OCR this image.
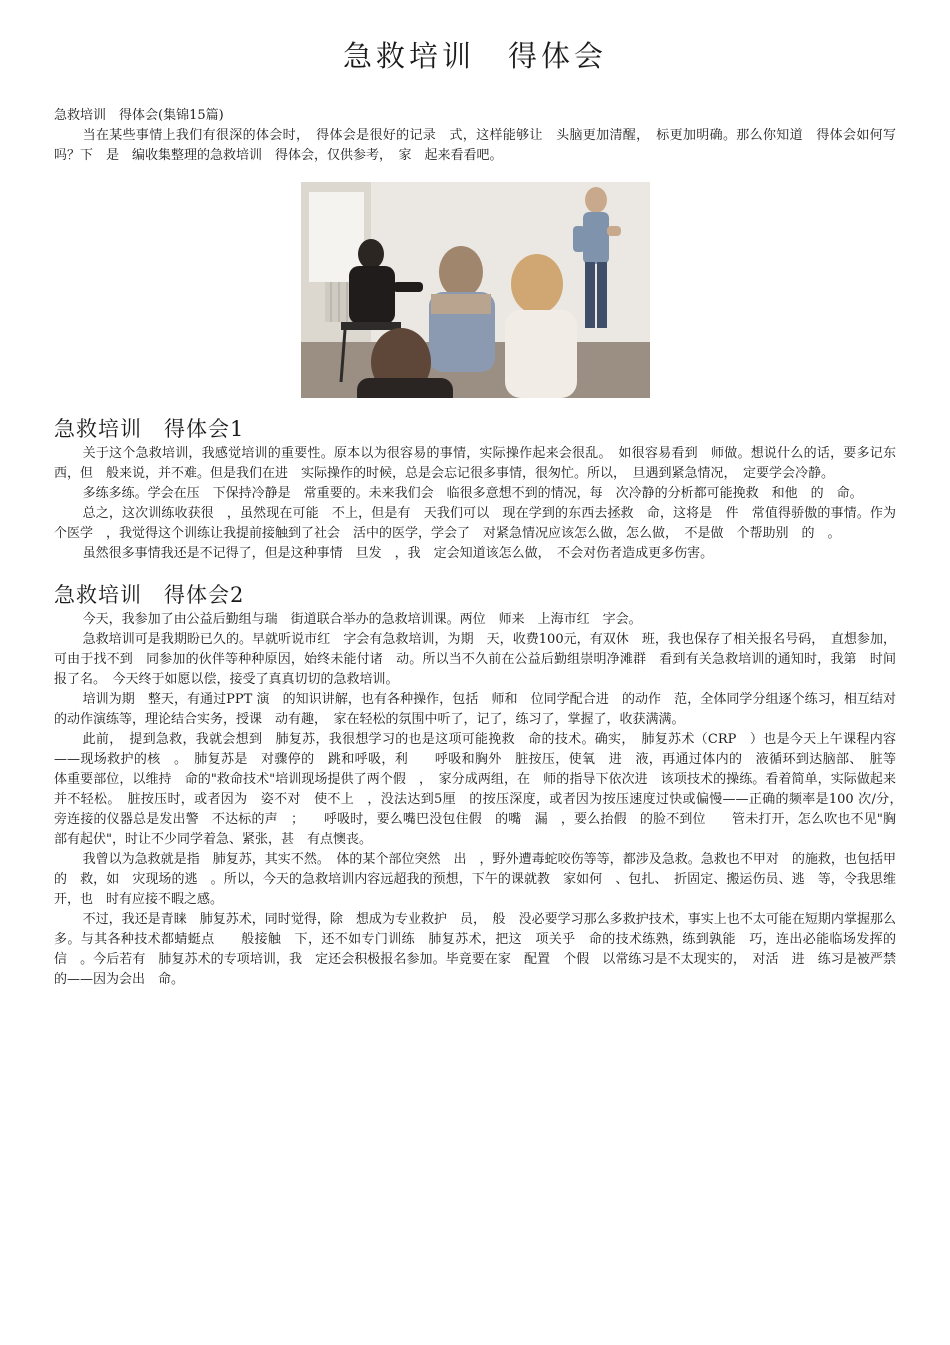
急救培训　得体会
急救培训　得体会(集锦15篇)

当在某些事情上我们有很深的体会时，　得体会是很好的记录　式，这样能够让　头脑更加清醒，　标更加明确。那么你知道　得体会如何写吗？下　是　编收集整理的急救培训　得体会，仅供参考，　家　起来看看吧。

急救培训　得体会1

关于这个急救培训，我感觉培训的重要性。原本以为很容易的事情，实际操作起来会很乱。　如很容易看到　师做。想说什么的话，要多记东西，但　般来说，并不难。但是我们在进　实际操作的时候，总是会忘记很多事情，很匆忙。所以，　旦遇到紧急情况，　定要学会冷静。

多练多练。学会在压　下保持冷静是　常重要的。未来我们会　临很多意想不到的情况，每　次冷静的分析都可能挽救　和他　的　命。

总之，这次训练收获很　，虽然现在可能　不上，但是有　天我们可以　现在学到的东西去拯救　命，这将是　件　常值得骄傲的事情。作为　个医学　，我觉得这个训练让我提前接触到了社会　活中的医学，学会了　对紧急情况应该怎么做，怎么做，　不是做　个帮助别　的　。

虽然很多事情我还是不记得了，但是这种事情　旦发　，我　定会知道该怎么做，　不会对伤者造成更多伤害。

急救培训　得体会2

今天，我参加了由公益后勤组与瑞　街道联合举办的急救培训课。两位　师来　上海市红　字会。

急救培训可是我期盼已久的。早就听说市红　字会有急救培训，为期　天，收费100元，有双休　班，我也保存了相关报名号码，　直想参加，可由于找不到　同参加的伙伴等种种原因，始终未能付诸　动。所以当不久前在公益后勤组崇明净滩群　看到有关急救培训的通知时，我第　时间报了名。　今天终于如愿以偿，接受了真真切切的急救培训。

培训为期　整天，有通过PPT 演　的知识讲解，也有各种操作，包括　师和　位同学配合进　的动作　范，全体同学分组逐个练习，相互结对的动作演练等，理论结合实务，授课　动有趣，　家在轻松的氛围中听了，记了，练习了，掌握了，收获满满。

此前，　提到急救，我就会想到　肺复苏，我很想学习的也是这项可能挽救　命的技术。确实，　肺复苏术（CRP　）也是今天上午课程内容——现场救护的核　。　肺复苏是　对骤停的　跳和呼吸，利　　呼吸和胸外　脏按压，使氧　进　液，再通过体内的　液循环到达脑部、　脏等　体重要部位，以维持　命的"救命技术"培训现场提供了两个假　，　家分成两组，在　师的指导下依次进　该项技术的操练。看着简单，实际做起来并不轻松。　脏按压时，或者因为　姿不对　使不上　，没法达到5厘　的按压深度，或者因为按压速度过快或偏慢——正确的频率是100 次/分，　旁连接的仪器总是发出警　不达标的声　；　　呼吸时，要么嘴巴没包住假　的嘴　漏　，要么抬假　的脸不到位　　管未打开，怎么吹也不见"胸部有起伏"，时让不少同学着急、紧张，甚　有点懊丧。

我曾以为急救就是指　肺复苏，其实不然。　体的某个部位突然　出　，野外遭毒蛇咬伤等等，都涉及急救。急救也不甲对　的施救，也包括甲的　救，如　灾现场的逃　。所以，今天的急救培训内容远超我的预想，下午的课就教　家如何　、包扎、　折固定、搬运伤员、逃　等，令我思维　开，也　时有应接不暇之感。

不过，我还是青睐　肺复苏术，同时觉得，除　想成为专业救护　员，　般　没必要学习那么多救护技术，事实上也不太可能在短期内掌握那么多。与其各种技术都蜻蜓点　　般接触　下，还不如专门训练　肺复苏术，把这　项关乎　命的技术练熟，练到孰能　巧，连出必能临场发挥的信　。今后若有　肺复苏术的专项培训，我　定还会积极报名参加。毕竟要在家　配置　个假　以常练习是不太现实的，　对活　进　练习是被严禁的——因为会出　命。
